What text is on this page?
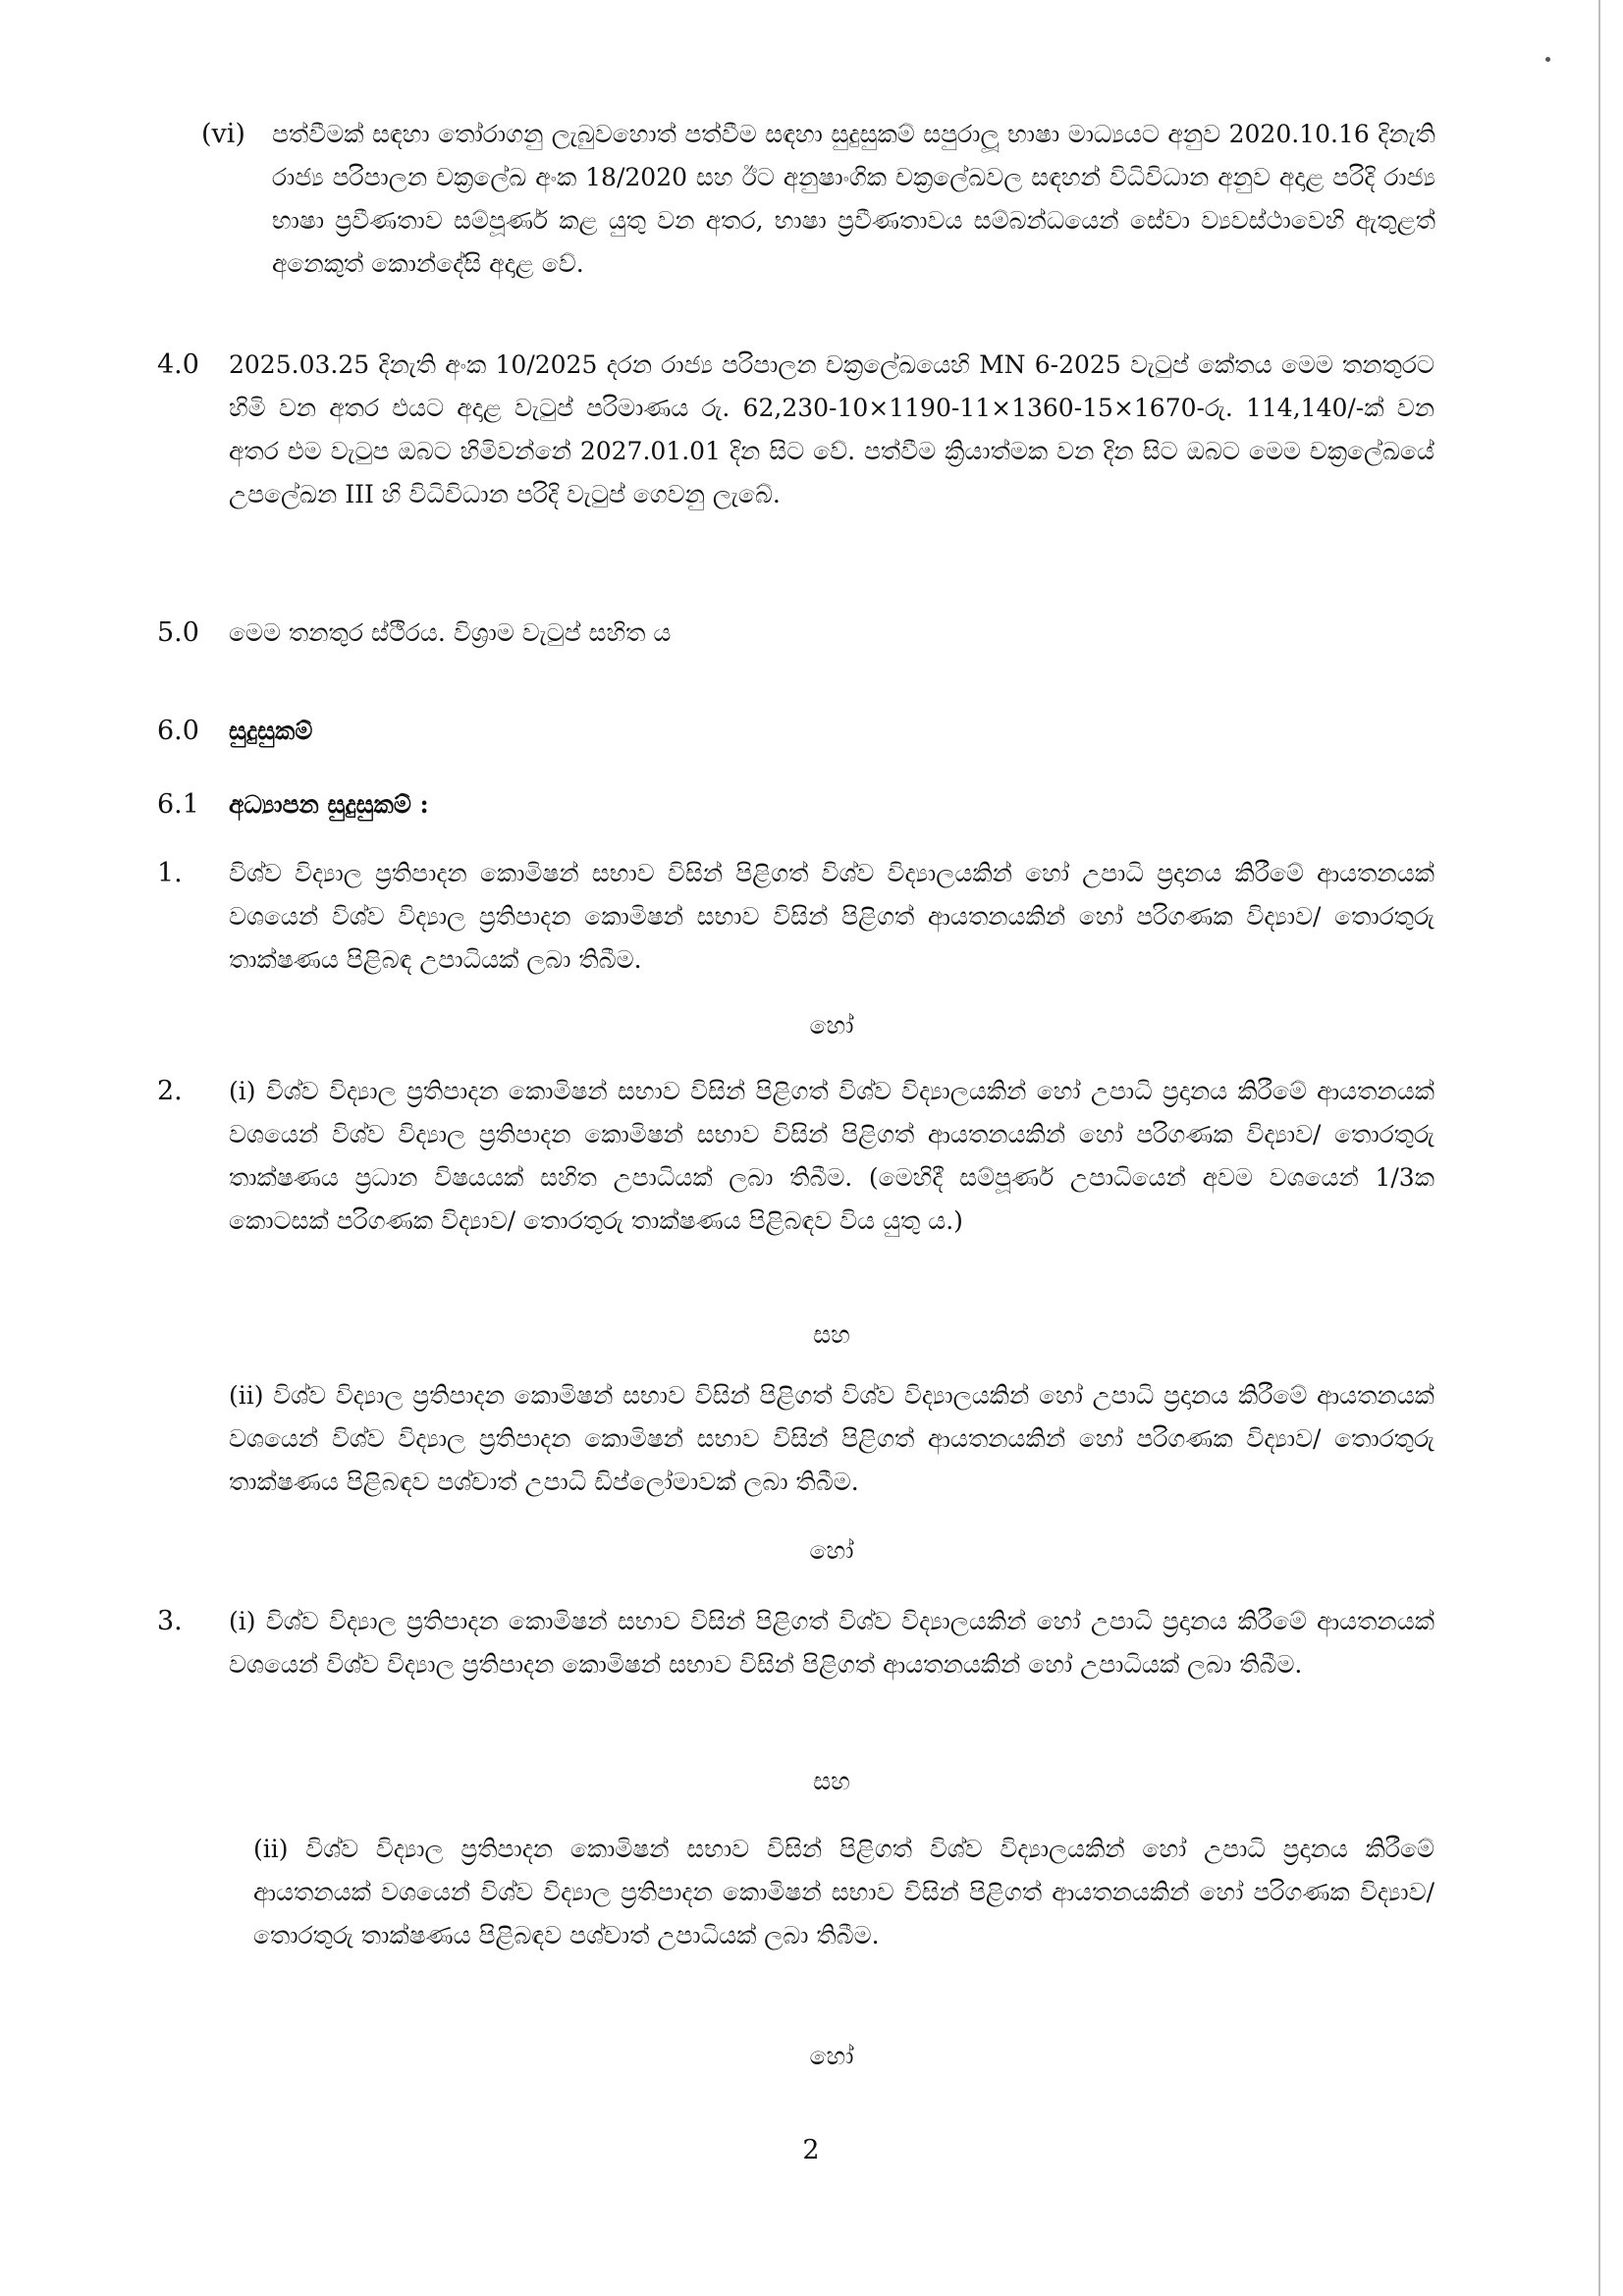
(vi) පත්වීමක් සඳහා තෝරාගනු ලැබුවහොත් පත්වීම සඳහා සුදුසුකම් සපුරාලූ භාෂා මාධ්‍යයට අනුව 2020.10.16 දිනැති රාජ්‍ය පරිපාලන චක්‍රලේඛ අංක 18/2020 සහ ඊට අනුෂාංගික චක්‍රලේඛවල සඳහන් විධිවිධාන අනුව අදාළ පරිදි රාජ්‍ය භාෂා ප්‍රවීණතාව සම්පූර්ණ කළ යුතු වන අතර, භාෂා ප්‍රවීණතාවය සම්බන්ධයෙන් සේවා ව්‍යවස්ථාවෙහි ඇතුළත් අනෙකුත් කොන්දේසි අදාළ වේ.
4.0 2025.03.25 දිනැති අංක 10/2025 දරන රාජ්‍ය පරිපාලන චක්‍රලේඛයෙහි MN 6-2025 වැටුප් කේතය මෙම තනතුරට හිමි වන අතර එයට අදාළ වැටුප් පරිමාණය රු. 62,230-10×1190-11×1360-15×1670-රු. 114,140/-ක් වන අතර එම වැටුප ඔබට හිමිවන්නේ 2027.01.01 දින සිට වේ. පත්වීම ක්‍රියාත්මක වන දින සිට ඔබට මෙම චක්‍රලේඛයේ උපලේඛන III හි විධිවිධාන පරිදි වැටුප් ගෙවනු ලැබේ.
5.0 මෙම තනතුර ස්ථිරය. විශ්‍රාම වැටුප් සහිත ය
6.0 සුදුසුකම්
6.1 අධ්‍යාපන සුදුසුකම් :
1. විශ්ව විද්‍යාල ප්‍රතිපාදන කොමිෂන් සභාව විසින් පිළිගත් විශ්ව විද්‍යාලයකින් හෝ උපාධි ප්‍රදානය කිරීමේ ආයතනයක් වශයෙන් විශ්ව විද්‍යාල ප්‍රතිපාදන කොමිෂන් සභාව විසින් පිළිගත් ආයතනයකින් හෝ පරිගණක විද්‍යාව/ තොරතුරු තාක්ෂණය පිළිබඳ උපාධියක් ලබා තිබීම.
හෝ
2. (i) විශ්ව විද්‍යාල ප්‍රතිපාදන කොමිෂන් සභාව විසින් පිළිගත් විශ්ව විද්‍යාලයකින් හෝ උපාධි ප්‍රදානය කිරීමේ ආයතනයක් වශයෙන් විශ්ව විද්‍යාල ප්‍රතිපාදන කොමිෂන් සභාව විසින් පිළිගත් ආයතනයකින් හෝ පරිගණක විද්‍යාව/ තොරතුරු තාක්ෂණය ප්‍රධාන විෂයයක් සහිත උපාධියක් ලබා තිබීම. (මෙහිදී සම්පූර්ණ උපාධියෙන් අවම වශයෙන් 1/3ක කොටසක් පරිගණක විද්‍යාව/ තොරතුරු තාක්ෂණය පිළිබඳව විය යුතු ය.)
සහ
(ii) විශ්ව විද්‍යාල ප්‍රතිපාදන කොමිෂන් සභාව විසින් පිළිගත් විශ්ව විද්‍යාලයකින් හෝ උපාධි ප්‍රදානය කිරීමේ ආයතනයක් වශයෙන් විශ්ව විද්‍යාල ප්‍රතිපාදන කොමිෂන් සභාව විසින් පිළිගත් ආයතනයකින් හෝ පරිගණක විද්‍යාව/ තොරතුරු තාක්ෂණය පිළිබඳව පශ්චාත් උපාධි ඩිප්ලෝමාවක් ලබා තිබීම.
හෝ
3. (i) විශ්ව විද්‍යාල ප්‍රතිපාදන කොමිෂන් සභාව විසින් පිළිගත් විශ්ව විද්‍යාලයකින් හෝ උපාධි ප්‍රදානය කිරීමේ ආයතනයක් වශයෙන් විශ්ව විද්‍යාල ප්‍රතිපාදන කොමිෂන් සභාව විසින් පිළිගත් ආයතනයකින් හෝ උපාධියක් ලබා තිබීම.
සහ
(ii) විශ්ව විද්‍යාල ප්‍රතිපාදන කොමිෂන් සභාව විසින් පිළිගත් විශ්ව විද්‍යාලයකින් හෝ උපාධි ප්‍රදානය කිරීමේ ආයතනයක් වශයෙන් විශ්ව විද්‍යාල ප්‍රතිපාදන කොමිෂන් සභාව විසින් පිළිගත් ආයතනයකින් හෝ පරිගණක විද්‍යාව/ තොරතුරු තාක්ෂණය පිළිබඳව පශ්චාත් උපාධියක් ලබා තිබීම.
හෝ
2
